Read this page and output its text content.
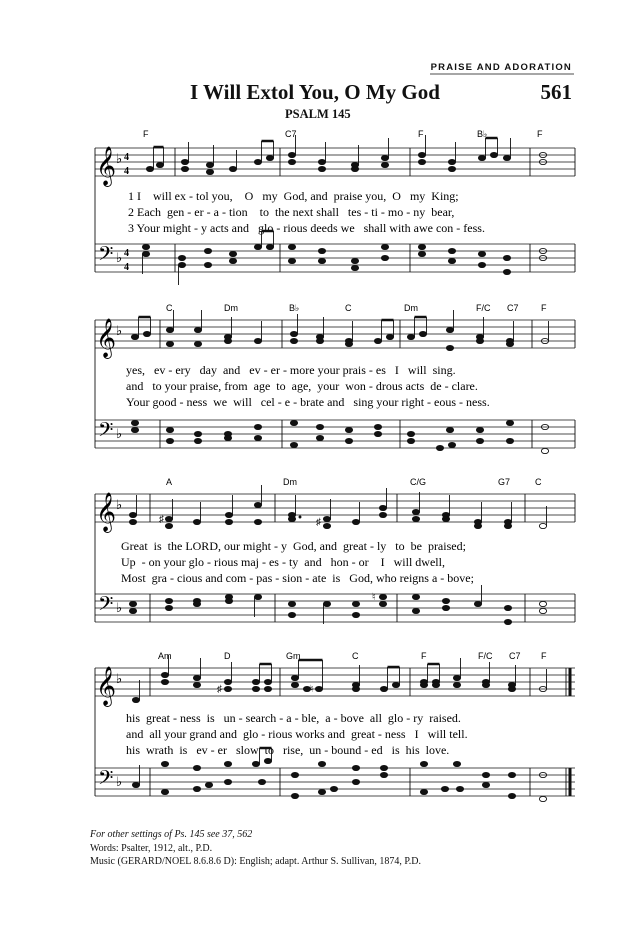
PRAISE AND ADORATION
I Will Extol You, O My God	561
PSALM 145
F	C7	F	B♭	F
𝄞 ♭ 4
4
1 I    will ex - tol you,    O   my  God, and  praise you,  O   my  King;
2 Each  gen - er - a - tion    to  the next shall   tes - ti - mo - ny  bear,
3 Your might - y acts and   glo - rious deeds we   shall with awe con - fess.
𝄢 ♭ 4
4
C	Dm	B♭	C	Dm	F/C C7 F
𝄞 ♭
yes,   ev - ery   day  and   ev - er - more your prais - es   I   will  sing.
and   to your praise, from  age  to  age,  your  won - drous acts  de - clare.
Your good - ness  we  will   cel - e - brate and   sing your right - eous - ness.
𝄢 ♭
A	Dm	C/G	G7	C
𝄞 ♭
♯	♯
Great  is  the LORD, our might - y  God, and  great - ly   to  be  praised;
Up  - on your glo - rious maj - es - ty  and   hon - or    I   will dwell,
Most  gra - cious and com - pas - sion - ate  is   God, who reigns a - bove;
𝄢 ♭
♮
Am	D	Gm	C	F	F/C C7 F
𝄞 ♭
♯	♮
his  great - ness  is   un - search - a - ble,  a - bove  all  glo - ry  raised.
and  all your grand and  glo - rious works and  great - ness   I   will tell.
his  wrath  is   ev - er   slow  to   rise,  un - bound - ed   is  his  love.
𝄢 ♭
For other settings of Ps. 145 see 37, 562
Words: Psalter, 1912, alt., P.D.
Music (GERARD/NOEL 8.6.8.6 D): English; adapt. Arthur S. Sullivan, 1874, P.D.
